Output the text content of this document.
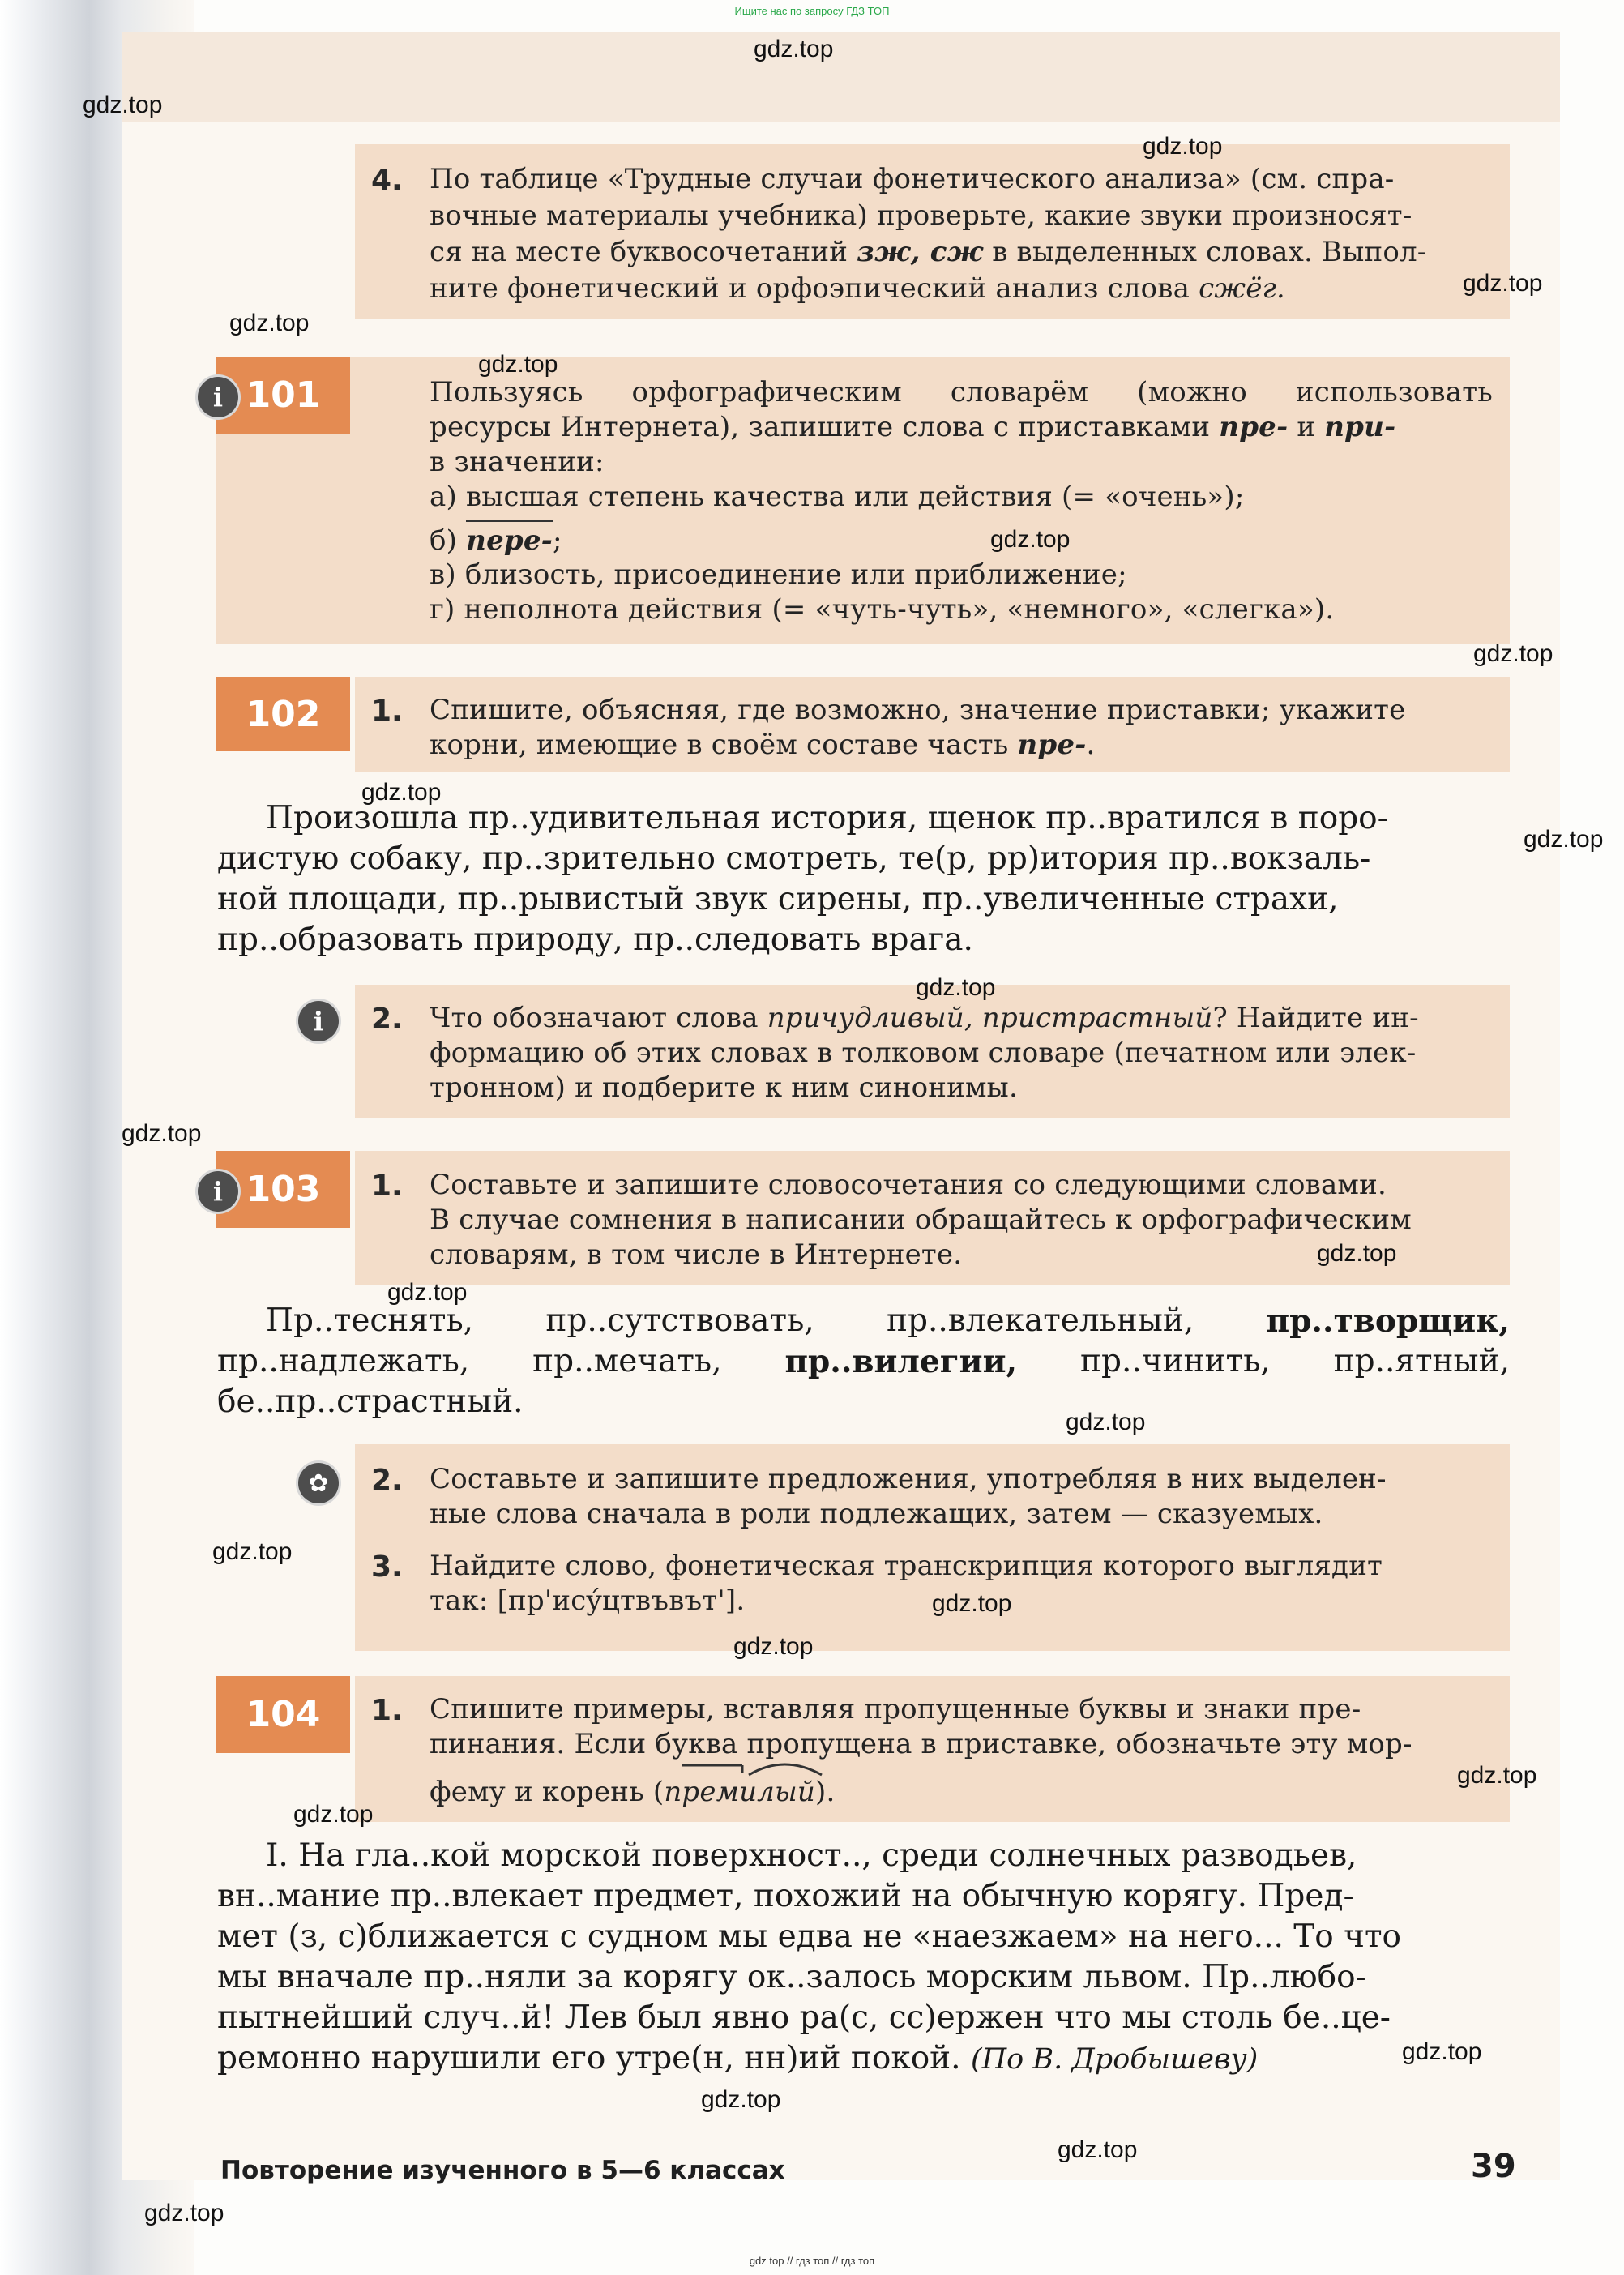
Ищите нас по запросу ГДЗ ТОП
4. По таблице «Трудные случаи фонетического анализа» (см. спра-
вочные материалы учебника) проверьте, какие звуки произносят-
ся на месте буквосочетаний зж, сж в выделенных словах. Выпол-
ните фонетический и орфоэпический анализ слова сжёг.
101
i	Пользуясь орфографическим словарём (можно использовать
ресурсы Интернета), запишите слова с приставками пре- и при-
в значении:
а) высшая степень качества или действия (= «очень»);
б) пере-;
в) близость, присоединение или приближение;
г) неполнота действия (= «чуть-чуть», «немного», «слегка»).
102	1. Спишите, объясняя, где возможно, значение приставки; укажите
корни, имеющие в своём составе часть пре-.
Произошла пр..удивительная история, щенок пр..вратился в поро-
дистую собаку, пр..зрительно смотреть, те(р, рр)итория пр..вокзаль-
ной площади, пр..рывистый звук сирены, пр..увеличенные страхи,
пр..образовать природу, пр..следовать врага.
i	2. Что обозначают слова причудливый, пристрастный? Найдите ин-
формацию об этих словах в толковом словаре (печатном или элек-
тронном) и подберите к ним синонимы.
103
i	1. Составьте и запишите словосочетания со следующими словами.
В случае сомнения в написании обращайтесь к орфографическим
словарям, в том числе в Интернете.
Пр..теснять, пр..сутствовать, пр..влекательный, пр..творщик,
пр..надлежать, пр..мечать, пр..вилегии, пр..чинить, пр..ятный,
бе..пр..страстный.
✿	2. Составьте и запишите предложения, употребляя в них выделен-
ные слова сначала в роли подлежащих, затем — сказуемых.
3. Найдите слово, фонетическая транскрипция которого выглядит
так: [пр'исýцтвъвът'].
104	1. Спишите примеры, вставляя пропущенные буквы и знаки пре-
пинания. Если буква пропущена в приставке, обозначьте эту мор-
фему и корень (премилый).
I. На гла..кой морской поверхност.., среди солнечных разводьев,
вн..мание пр..влекает предмет, похожий на обычную корягу. Пред-
мет (з, с)ближается с судном мы едва не «наезжаем» на него... То что
мы вначале пр..няли за корягу ок..залось морским львом. Пр..любо-
пытнейший случ..й! Лев был явно ра(с, сс)ержен что мы столь бе..це-
ремонно нарушили его утре(н, нн)ий покой. (По В. Дробышеву)
Повторение изученного в 5—6 классах	39
gdz.top
gdz.top
gdz.top
gdz.top
gdz.top
gdz.top
gdz.top
gdz.top
gdz.top
gdz.top
gdz.top
gdz.top
gdz.top
gdz.top
gdz.top
gdz.top
gdz.top
gdz.top
gdz.top
gdz.top
gdz.top
gdz.top
gdz.top
gdz.top
gdz top // гдз топ // гдз топ
